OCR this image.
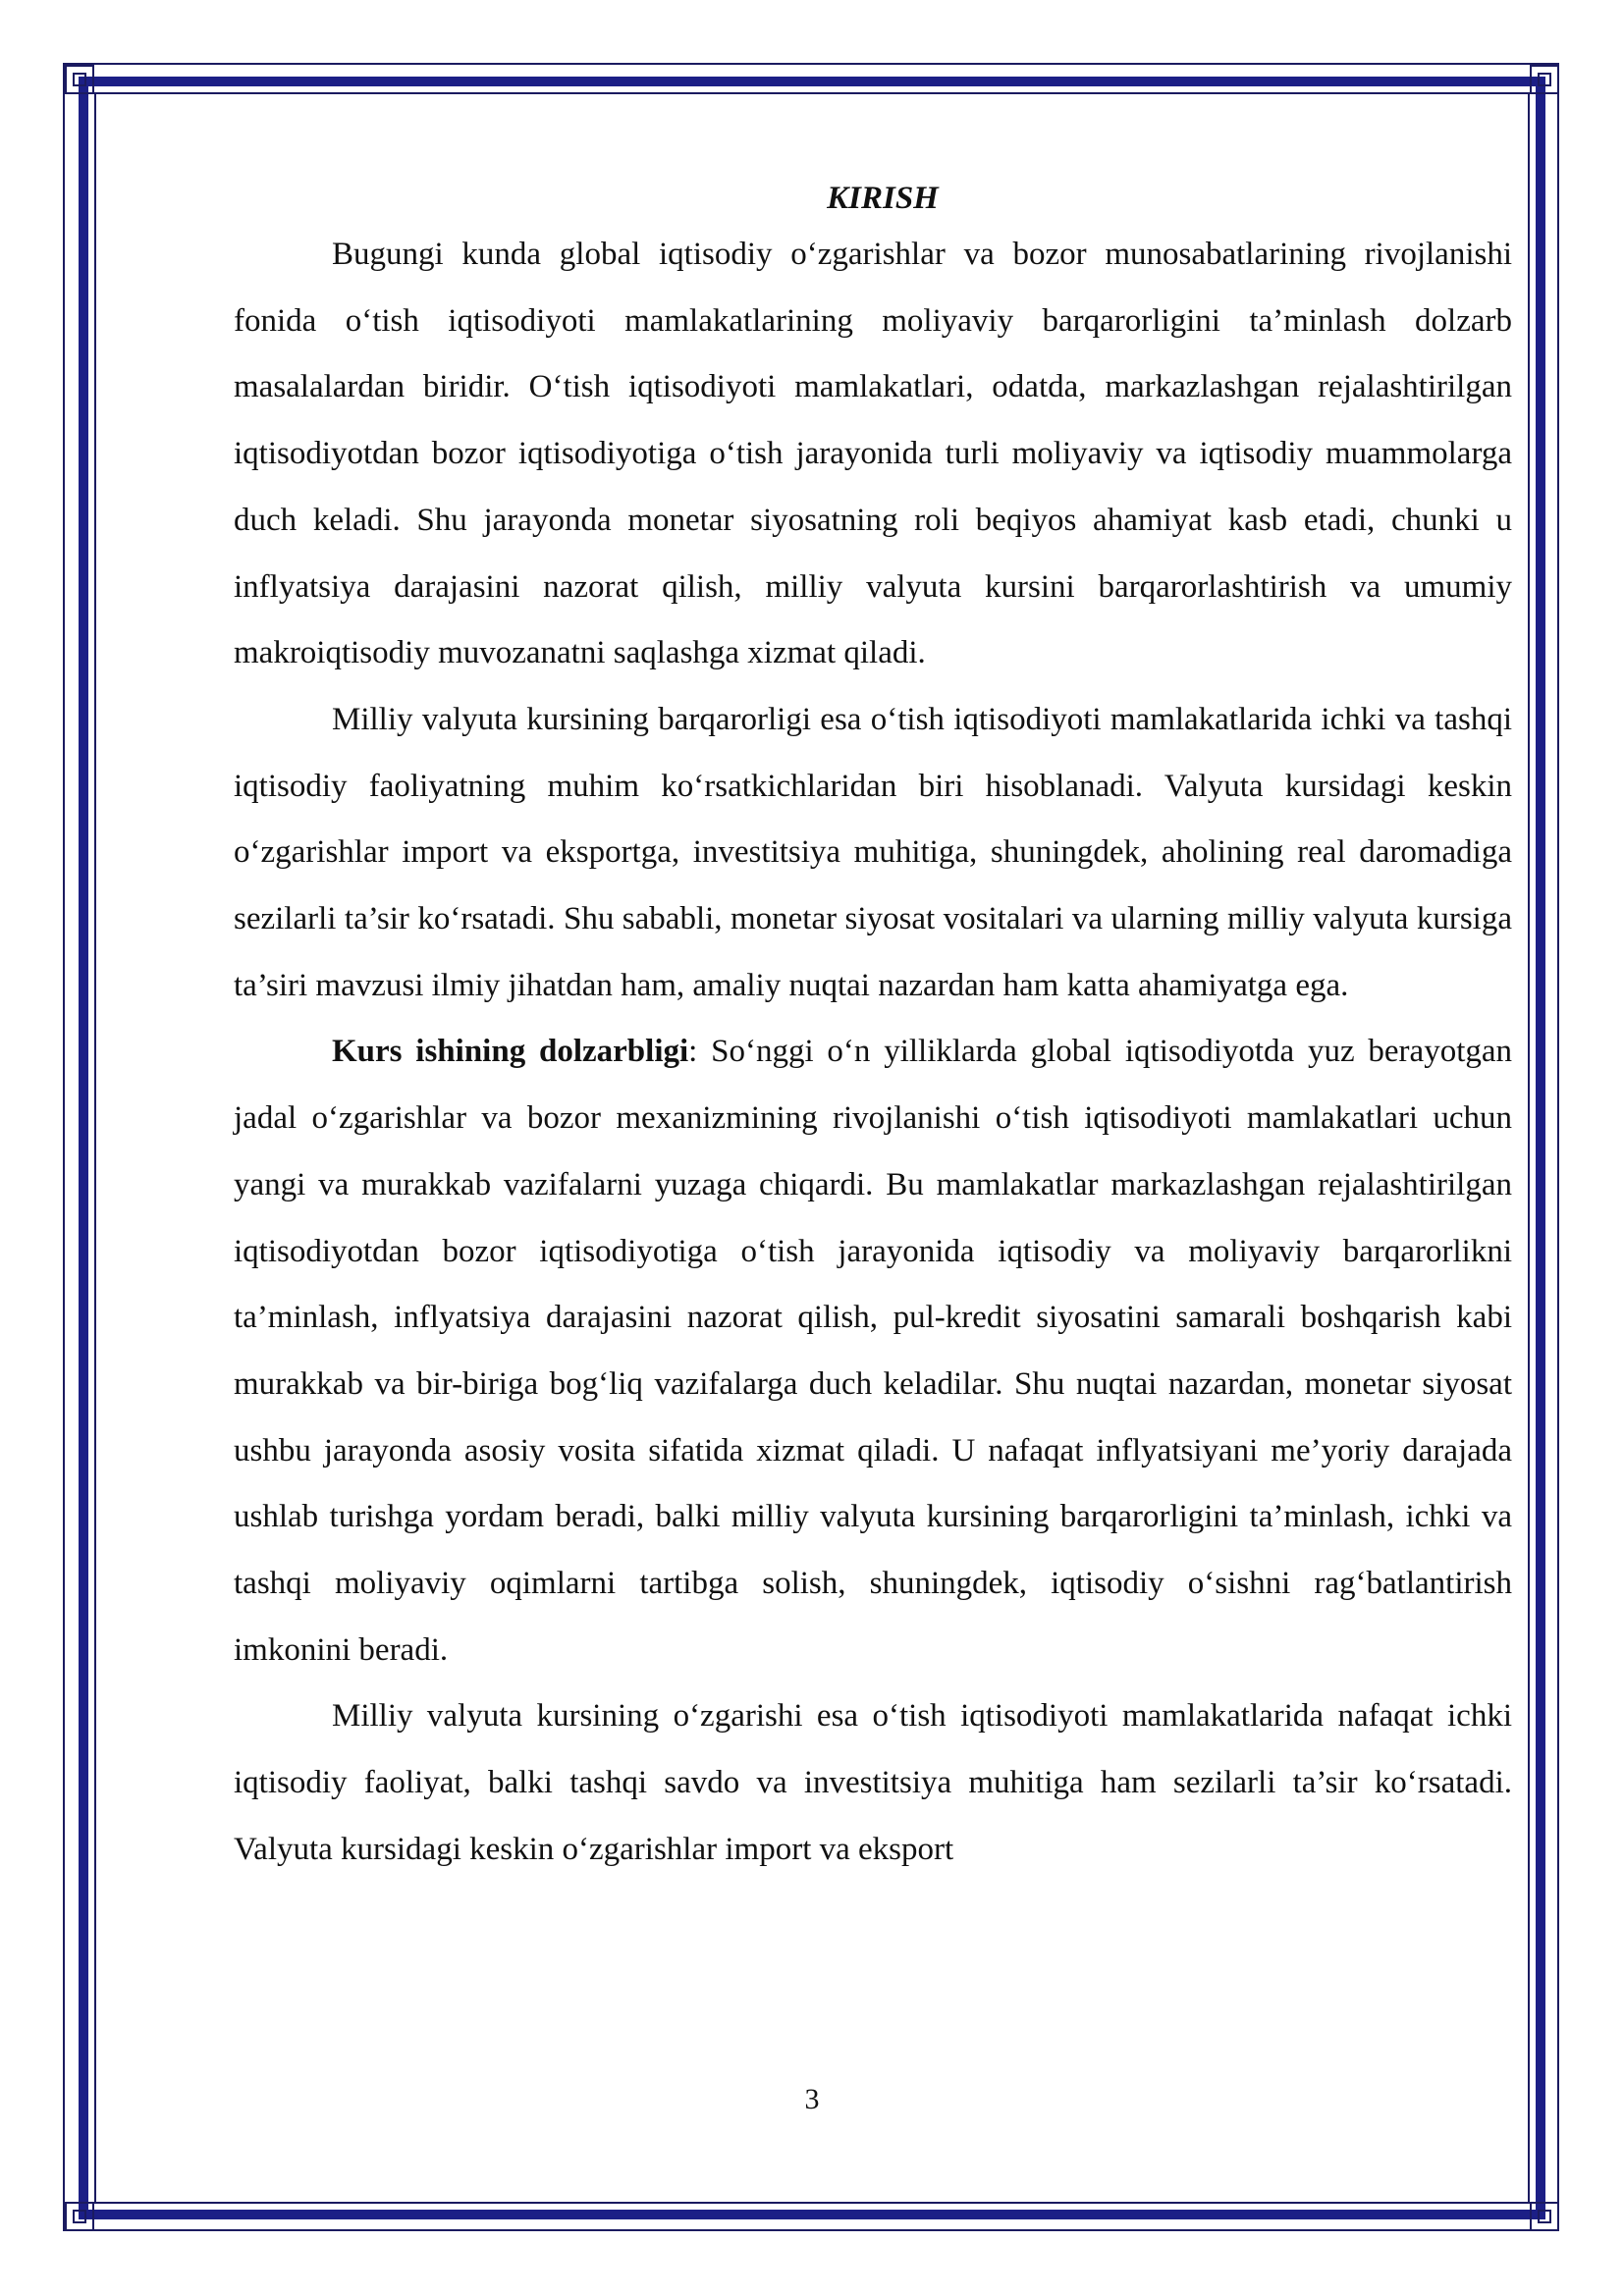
KIRISH

Bugungi kunda global iqtisodiy o‘zgarishlar va bozor munosabatlarining rivojlanishi fonida o‘tish iqtisodiyoti mamlakatlarining moliyaviy barqarorligini ta’minlash dolzarb masalalardan biridir. O‘tish iqtisodiyoti mamlakatlari, odatda, markazlashgan rejalashtirilgan iqtisodiyotdan bozor iqtisodiyotiga o‘tish jarayonida turli moliyaviy va iqtisodiy muammolarga duch keladi. Shu jarayonda monetar siyosatning roli beqiyos ahamiyat kasb etadi, chunki u inflyatsiya darajasini nazorat qilish, milliy valyuta kursini barqarorlashtirish va umumiy makroiqtisodiy muvozanatni saqlashga xizmat qiladi.

Milliy valyuta kursining barqarorligi esa o‘tish iqtisodiyoti mamlakatlarida ichki va tashqi iqtisodiy faoliyatning muhim ko‘rsatkichlaridan biri hisoblanadi. Valyuta kursidagi keskin o‘zgarishlar import va eksportga, investitsiya muhitiga, shuningdek, aholining real daromadiga sezilarli ta’sir ko‘rsatadi. Shu sababli, monetar siyosat vositalari va ularning milliy valyuta kursiga ta’siri mavzusi ilmiy jihatdan ham, amaliy nuqtai nazardan ham katta ahamiyatga ega.

Kurs ishining dolzarbligi: So‘nggi o‘n yilliklarda global iqtisodiyotda yuz berayotgan jadal o‘zgarishlar va bozor mexanizmining rivojlanishi o‘tish iqtisodiyoti mamlakatlari uchun yangi va murakkab vazifalarni yuzaga chiqardi. Bu mamlakatlar markazlashgan rejalashtirilgan iqtisodiyotdan bozor iqtisodiyotiga o‘tish jarayonida iqtisodiy va moliyaviy barqarorlikni ta’minlash, inflyatsiya darajasini nazorat qilish, pul-kredit siyosatini samarali boshqarish kabi murakkab va bir-biriga bog‘liq vazifalarga duch keladilar. Shu nuqtai nazardan, monetar siyosat ushbu jarayonda asosiy vosita sifatida xizmat qiladi. U nafaqat inflyatsiyani me’yoriy darajada ushlab turishga yordam beradi, balki milliy valyuta kursining barqarorligini ta’minlash, ichki va tashqi moliyaviy oqimlarni tartibga solish, shuningdek, iqtisodiy o‘sishni rag‘batlantirish imkonini beradi.

Milliy valyuta kursining o‘zgarishi esa o‘tish iqtisodiyoti mamlakatlarida nafaqat ichki iqtisodiy faoliyat, balki tashqi savdo va investitsiya muhitiga ham sezilarli ta’sir ko‘rsatadi. Valyuta kursidagi keskin o‘zgarishlar import va eksport

3
